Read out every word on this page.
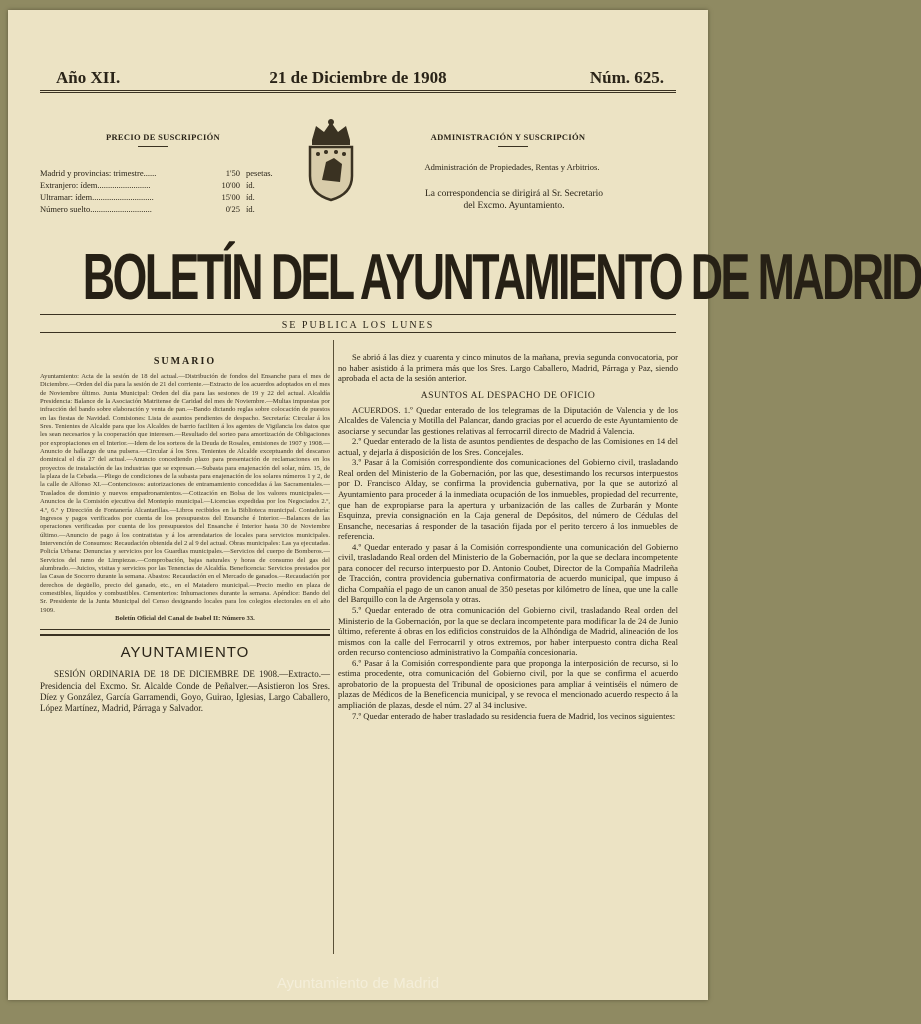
Año XII.	21 de Diciembre de 1908	Núm. 625.
PRECIO DE SUSCRIPCIÓN
Madrid y provincias: trimestre......	1'50 pesetas.
Extranjero: ídem.........................	10'00 íd.
Ultramar: ídem.............................	15'00 íd.
Número suelto.............................	0'25 íd.
ADMINISTRACIÓN Y SUSCRIPCIÓN
Administración de Propiedades, Rentas y Arbitrios.
La correspondencia se dirigirá al Sr. Secretario
del Excmo. Ayuntamiento.
BOLETÍN DEL AYUNTAMIENTO DE MADRID
SE PUBLICA LOS LUNES
SUMARIO
Ayuntamiento: Acta de la sesión de 18 del actual.—Distribución de fondos del Ensanche para el mes de Diciembre.—Orden del día para la sesión de 21 del corriente.—Extracto de los acuerdos adoptados en el mes de Noviembre último. Junta Municipal: Orden del día para las sesiones de 19 y 22 del actual. Alcaldía Presidencia: Balance de la Asociación Matritense de Caridad del mes de Noviembre.—Multas impuestas por infracción del bando sobre elaboración y venta de pan.—Bando dictando reglas sobre colocación de puestos en las fiestas de Navidad. Comisiones: Lista de asuntos pendientes de despacho. Secretaría: Circular á los Sres. Tenientes de Alcalde para que los Alcaldes de barrio faciliten á los agentes de Vigilancia los datos que les sean necesarios y la cooperación que interesen.—Resultado del sorteo para amortización de Obligaciones por expropiaciones en el Interior.—Idem de los sorteos de la Deuda de Rosales, emisiones de 1907 y 1908.—Anuncio de hallazgo de una pulsera.—Circular á los Sres. Tenientes de Alcalde exceptuando del descanso dominical el día 27 del actual.—Anuncio concediendo plazo para presentación de reclamaciones en los proyectos de instalación de las industrias que se expresan.—Subasta para enajenación del solar, núm. 15, de la plaza de la Cebada.—Pliego de condiciones de la subasta para enajenación de los solares números 1 y 2, de la calle de Alfonso XI.—Contenciosos: autorizaciones de entramamiento concedidas á las Sacramentales.—Traslados de dominio y nuevos empadronamientos.—Cotización en Bolsa de los valores municipales.—Anuncios de la Comisión ejecutiva del Montepío municipal.—Licencias expedidas por los Negociados 2.º, 4.º, 6.º y Dirección de Fontanería Alcantarillas.—Libros recibidos en la Biblioteca municipal. Contaduría: Ingresos y pagos verificados por cuenta de los presupuestos del Ensanche é Interior.—Balances de las operaciones verificadas por cuenta de los presupuestos del Ensanche é Interior hasta 30 de Noviembre último.—Anuncio de pago á los contratistas y á los arrendatarios de locales para servicios municipales. Intervención de Consumos: Recaudación obtenida del 2 al 9 del actual. Obras municipales: Las ya ejecutadas. Policía Urbana: Denuncias y servicios por los Guardias municipales.—Servicios del cuerpo de Bomberos.—Servicios del ramo de Limpiezas.—Comprobación, bajas naturales y horas de consumo del gas del alumbrado.—Juicios, visitas y servicios por las Tenencias de Alcaldía. Beneficencia: Servicios prestados por las Casas de Socorro durante la semana. Abastos: Recaudación en el Mercado de ganados.—Recaudación por derechos de degüello, precio del ganado, etc., en el Matadero municipal.—Precio medio en plaza de comestibles, líquidos y combustibles. Cementerios: Inhumaciones durante la semana. Apéndice: Bando del Sr. Presidente de la Junta Municipal del Censo designando locales para los colegios electorales en el año 1909.
Boletín Oficial del Canal de Isabel II: Número 33.
AYUNTAMIENTO

SESIÓN ORDINARIA DE 18 DE DICIEMBRE DE 1908.—Extracto.—Presidencia del Excmo. Sr. Alcalde Conde de Peñalver.—Asistieron los Sres. Díez y González, García Garramendi, Goyo, Guirao, Iglesias, Largo Caballero, López Martínez, Madrid, Párraga y Salvador.

Se abrió á las diez y cuarenta y cinco minutos de la mañana, previa segunda convocatoria, por no haber asistido á la primera más que los Sres. Largo Caballero, Madrid, Párraga y Paz, siendo aprobada el acta de la sesión anterior.

ASUNTOS AL DESPACHO DE OFICIO

ACUERDOS. 1.º Quedar enterado de los telegramas de la Diputación de Valencia y de los Alcaldes de Valencia y Motilla del Palancar, dando gracias por el acuerdo de este Ayuntamiento de asociarse y secundar las gestiones relativas al ferrocarril directo de Madrid á Valencia.

2.º Quedar enterado de la lista de asuntos pendientes de despacho de las Comisiones en 14 del actual, y dejarla á disposición de los Sres. Concejales.

3.º Pasar á la Comisión correspondiente dos comunicaciones del Gobierno civil, trasladando Real orden del Ministerio de la Gobernación, por las que, desestimando los recursos interpuestos por D. Francisco Alday, se confirma la providencia gubernativa, por la que se autorizó al Ayuntamiento para proceder á la inmediata ocupación de los inmuebles, propiedad del recurrente, que han de expropiarse para la apertura y urbanización de las calles de Zurbarán y Monte Esquinza, previa consignación en la Caja general de Depósitos, del número de Cédulas del Ensanche, necesarias á responder de la tasación fijada por el perito tercero á los inmuebles de referencia.

4.º Quedar enterado y pasar á la Comisión correspondiente una comunicación del Gobierno civil, trasladando Real orden del Ministerio de la Gobernación, por la que se declara incompetente para conocer del recurso interpuesto por D. Antonio Coubet, Director de la Compañía Madrileña de Tracción, contra providencia gubernativa confirmatoria de acuerdo municipal, que impuso á dicha Compañía el pago de un canon anual de 350 pesetas por kilómetro de línea, que une la calle del Barquillo con la de Argensola y otras.

5.º Quedar enterado de otra comunicación del Gobierno civil, trasladando Real orden del Ministerio de la Gobernación, por la que se declara incompetente para modificar la de 24 de Junio último, referente á obras en los edificios construidos de la Alhóndiga de Madrid, alineación de los mismos con la calle del Ferrocarril y otros extremos, por haber interpuesto contra dicha Real orden recurso contencioso administrativo la Compañía concesionaria.

6.º Pasar á la Comisión correspondiente para que proponga la interposición de recurso, si lo estima procedente, otra comunicación del Gobierno civil, por la que se confirma el acuerdo aprobatorio de la propuesta del Tribunal de oposiciones para ampliar á veintiséis el número de plazas de Médicos de la Beneficencia municipal, y se revoca el mencionado acuerdo respecto á la ampliación de plazas, desde el núm. 27 al 34 inclusive.

7.º Quedar enterado de haber trasladado su residencia fuera de Madrid, los vecinos siguientes:

Ayuntamiento de Madrid
